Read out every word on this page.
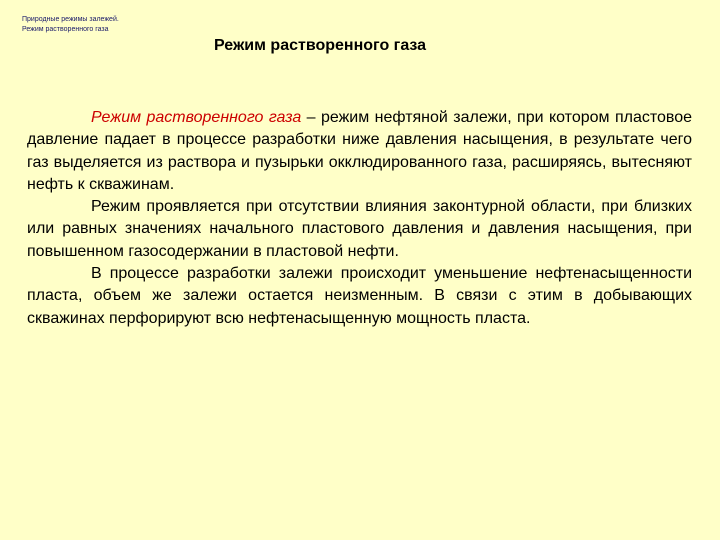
Природные режимы залежей.
Режим растворенного газа
Режим растворенного газа

Режим растворенного газа – режим нефтяной залежи, при котором пластовое давление падает в процессе разработки ниже давления насыщения, в результате чего газ выделяется из раствора и пузырьки окклюдированного газа, расширяясь, вытесняют нефть к скважинам.

Режим проявляется при отсутствии влияния законтурной области, при близких или равных значениях начального пластового давления и давления насыщения, при повышенном газосодержании в пластовой нефти.

В процессе разработки залежи происходит уменьшение нефтенасыщенности пласта, объем же залежи остается неизменным. В связи с этим в добывающих скважинах перфорируют всю нефтенасыщенную мощность пласта.
